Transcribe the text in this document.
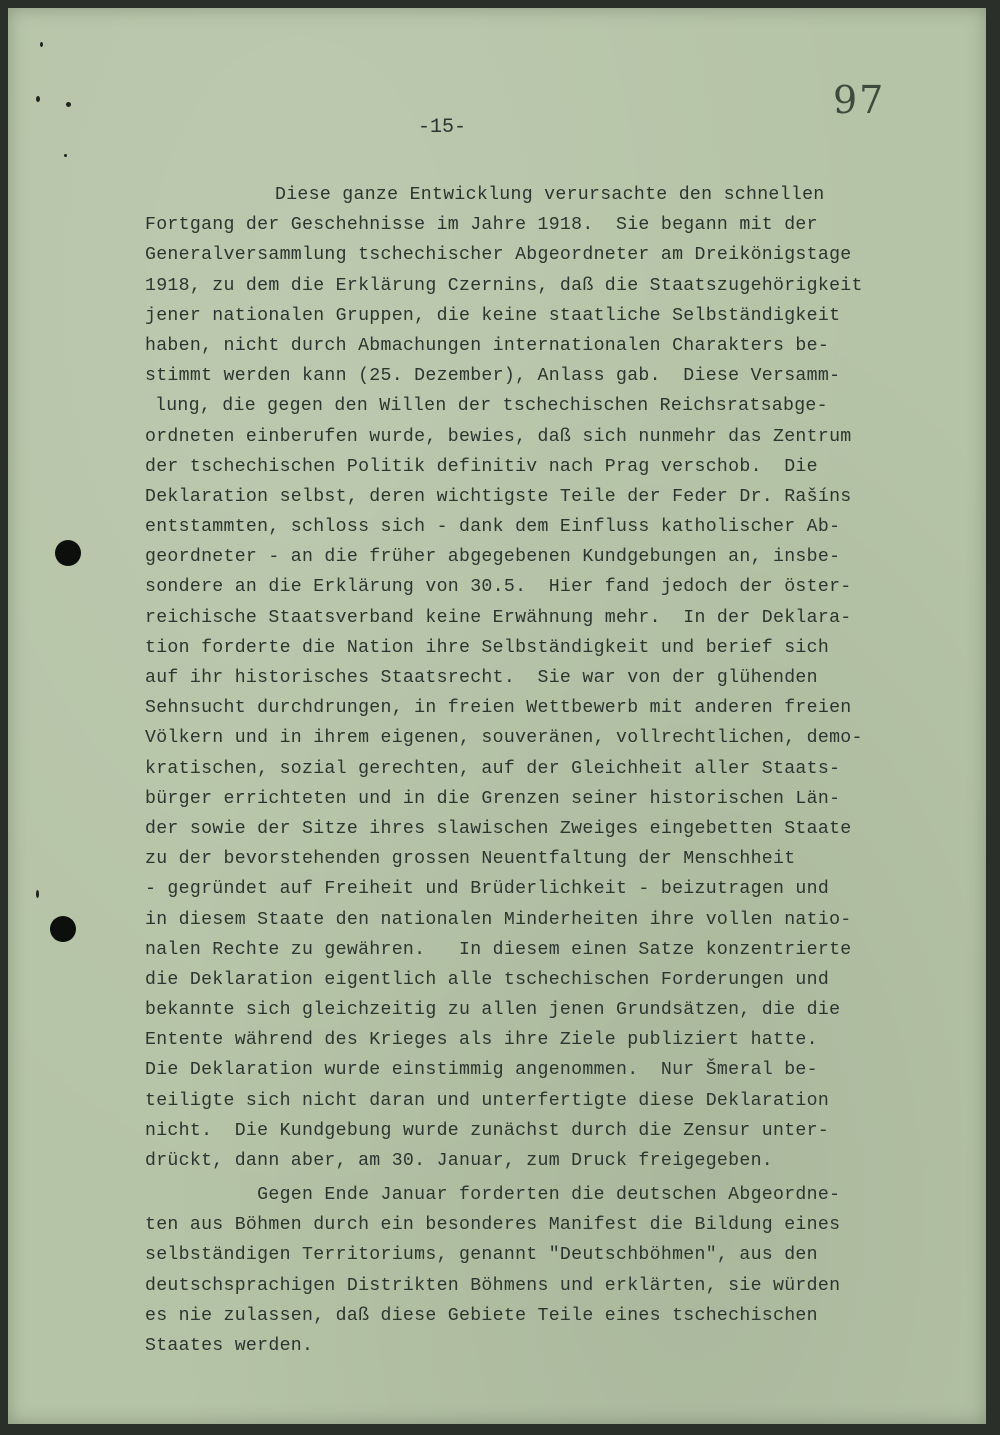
97
-15-
Diese ganze Entwicklung verursachte den schnellen
Fortgang der Geschehnisse im Jahre 1918.  Sie begann mit der
Generalversammlung tschechischer Abgeordneter am Dreikönigstage
1918, zu dem die Erklärung Czernins, daß die Staatszugehörigkeit
jener nationalen Gruppen, die keine staatliche Selbständigkeit
haben, nicht durch Abmachungen internationalen Charakters be-
stimmt werden kann (25. Dezember), Anlass gab.  Diese Versamm-
lung, die gegen den Willen der tschechischen Reichsratsabge-
ordneten einberufen wurde, bewies, daß sich nunmehr das Zentrum
der tschechischen Politik definitiv nach Prag verschob.  Die
Deklaration selbst, deren wichtigste Teile der Feder Dr. Rašíns
entstammten, schloss sich - dank dem Einfluss katholischer Ab-
geordneter - an die früher abgegebenen Kundgebungen an, insbe-
sondere an die Erklärung von 30.5.  Hier fand jedoch der öster-
reichische Staatsverband keine Erwähnung mehr.  In der Deklara-
tion forderte die Nation ihre Selbständigkeit und berief sich
auf ihr historisches Staatsrecht.  Sie war von der glühenden
Sehnsucht durchdrungen, in freien Wettbewerb mit anderen freien
Völkern und in ihrem eigenen, souveränen, vollrechtlichen, demo-
kratischen, sozial gerechten, auf der Gleichheit aller Staats-
bürger errichteten und in die Grenzen seiner historischen Län-
der sowie der Sitze ihres slawischen Zweiges eingebetten Staate
zu der bevorstehenden grossen Neuentfaltung der Menschheit
- gegründet auf Freiheit und Brüderlichkeit - beizutragen und
in diesem Staate den nationalen Minderheiten ihre vollen natio-
nalen Rechte zu gewähren.   In diesem einen Satze konzentrierte
die Deklaration eigentlich alle tschechischen Forderungen und
bekannte sich gleichzeitig zu allen jenen Grundsätzen, die die
Entente während des Krieges als ihre Ziele publiziert hatte.
Die Deklaration wurde einstimmig angenommen.  Nur Šmeral be-
teiligte sich nicht daran und unterfertigte diese Deklaration
nicht.  Die Kundgebung wurde zunächst durch die Zensur unter-
drückt, dann aber, am 30. Januar, zum Druck freigegeben.
Gegen Ende Januar forderten die deutschen Abgeordne-
ten aus Böhmen durch ein besonderes Manifest die Bildung eines
selbständigen Territoriums, genannt "Deutschböhmen", aus den
deutschsprachigen Distrikten Böhmens und erklärten, sie würden
es nie zulassen, daß diese Gebiete Teile eines tschechischen
Staates werden.
